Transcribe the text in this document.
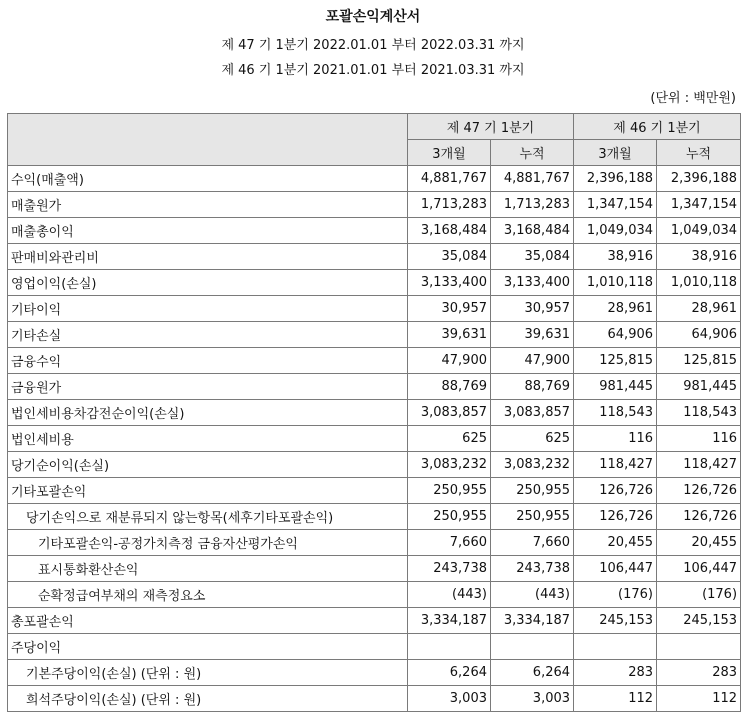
포괄손익계산서
제 47 기 1분기 2022.01.01 부터 2022.03.31 까지
제 46 기 1분기 2021.01.01 부터 2021.03.31 까지
(단위 : 백만원)
	제 47 기 1분기		제 46 기 1분기	
	3개월	누적	3개월	누적
수익(매출액)	4,881,767	4,881,767	2,396,188	2,396,188
매출원가	1,713,283	1,713,283	1,347,154	1,347,154
매출총이익	3,168,484	3,168,484	1,049,034	1,049,034
판매비와관리비	35,084	35,084	38,916	38,916
영업이익(손실)	3,133,400	3,133,400	1,010,118	1,010,118
기타이익	30,957	30,957	28,961	28,961
기타손실	39,631	39,631	64,906	64,906
금융수익	47,900	47,900	125,815	125,815
금융원가	88,769	88,769	981,445	981,445
법인세비용차감전순이익(손실)	3,083,857	3,083,857	118,543	118,543
법인세비용	625	625	116	116
당기순이익(손실)	3,083,232	3,083,232	118,427	118,427
기타포괄손익	250,955	250,955	126,726	126,726
당기손익으로 재분류되지 않는항목(세후기타포괄손익)	250,955	250,955	126,726	126,726
기타포괄손익-공정가치측정 금융자산평가손익	7,660	7,660	20,455	20,455
표시통화환산손익	243,738	243,738	106,447	106,447
순확정급여부채의 재측정요소	(443)	(443)	(176)	(176)
총포괄손익	3,334,187	3,334,187	245,153	245,153
주당이익				
기본주당이익(손실) (단위 : 원)	6,264	6,264	283	283
희석주당이익(손실) (단위 : 원)	3,003	3,003	112	112
